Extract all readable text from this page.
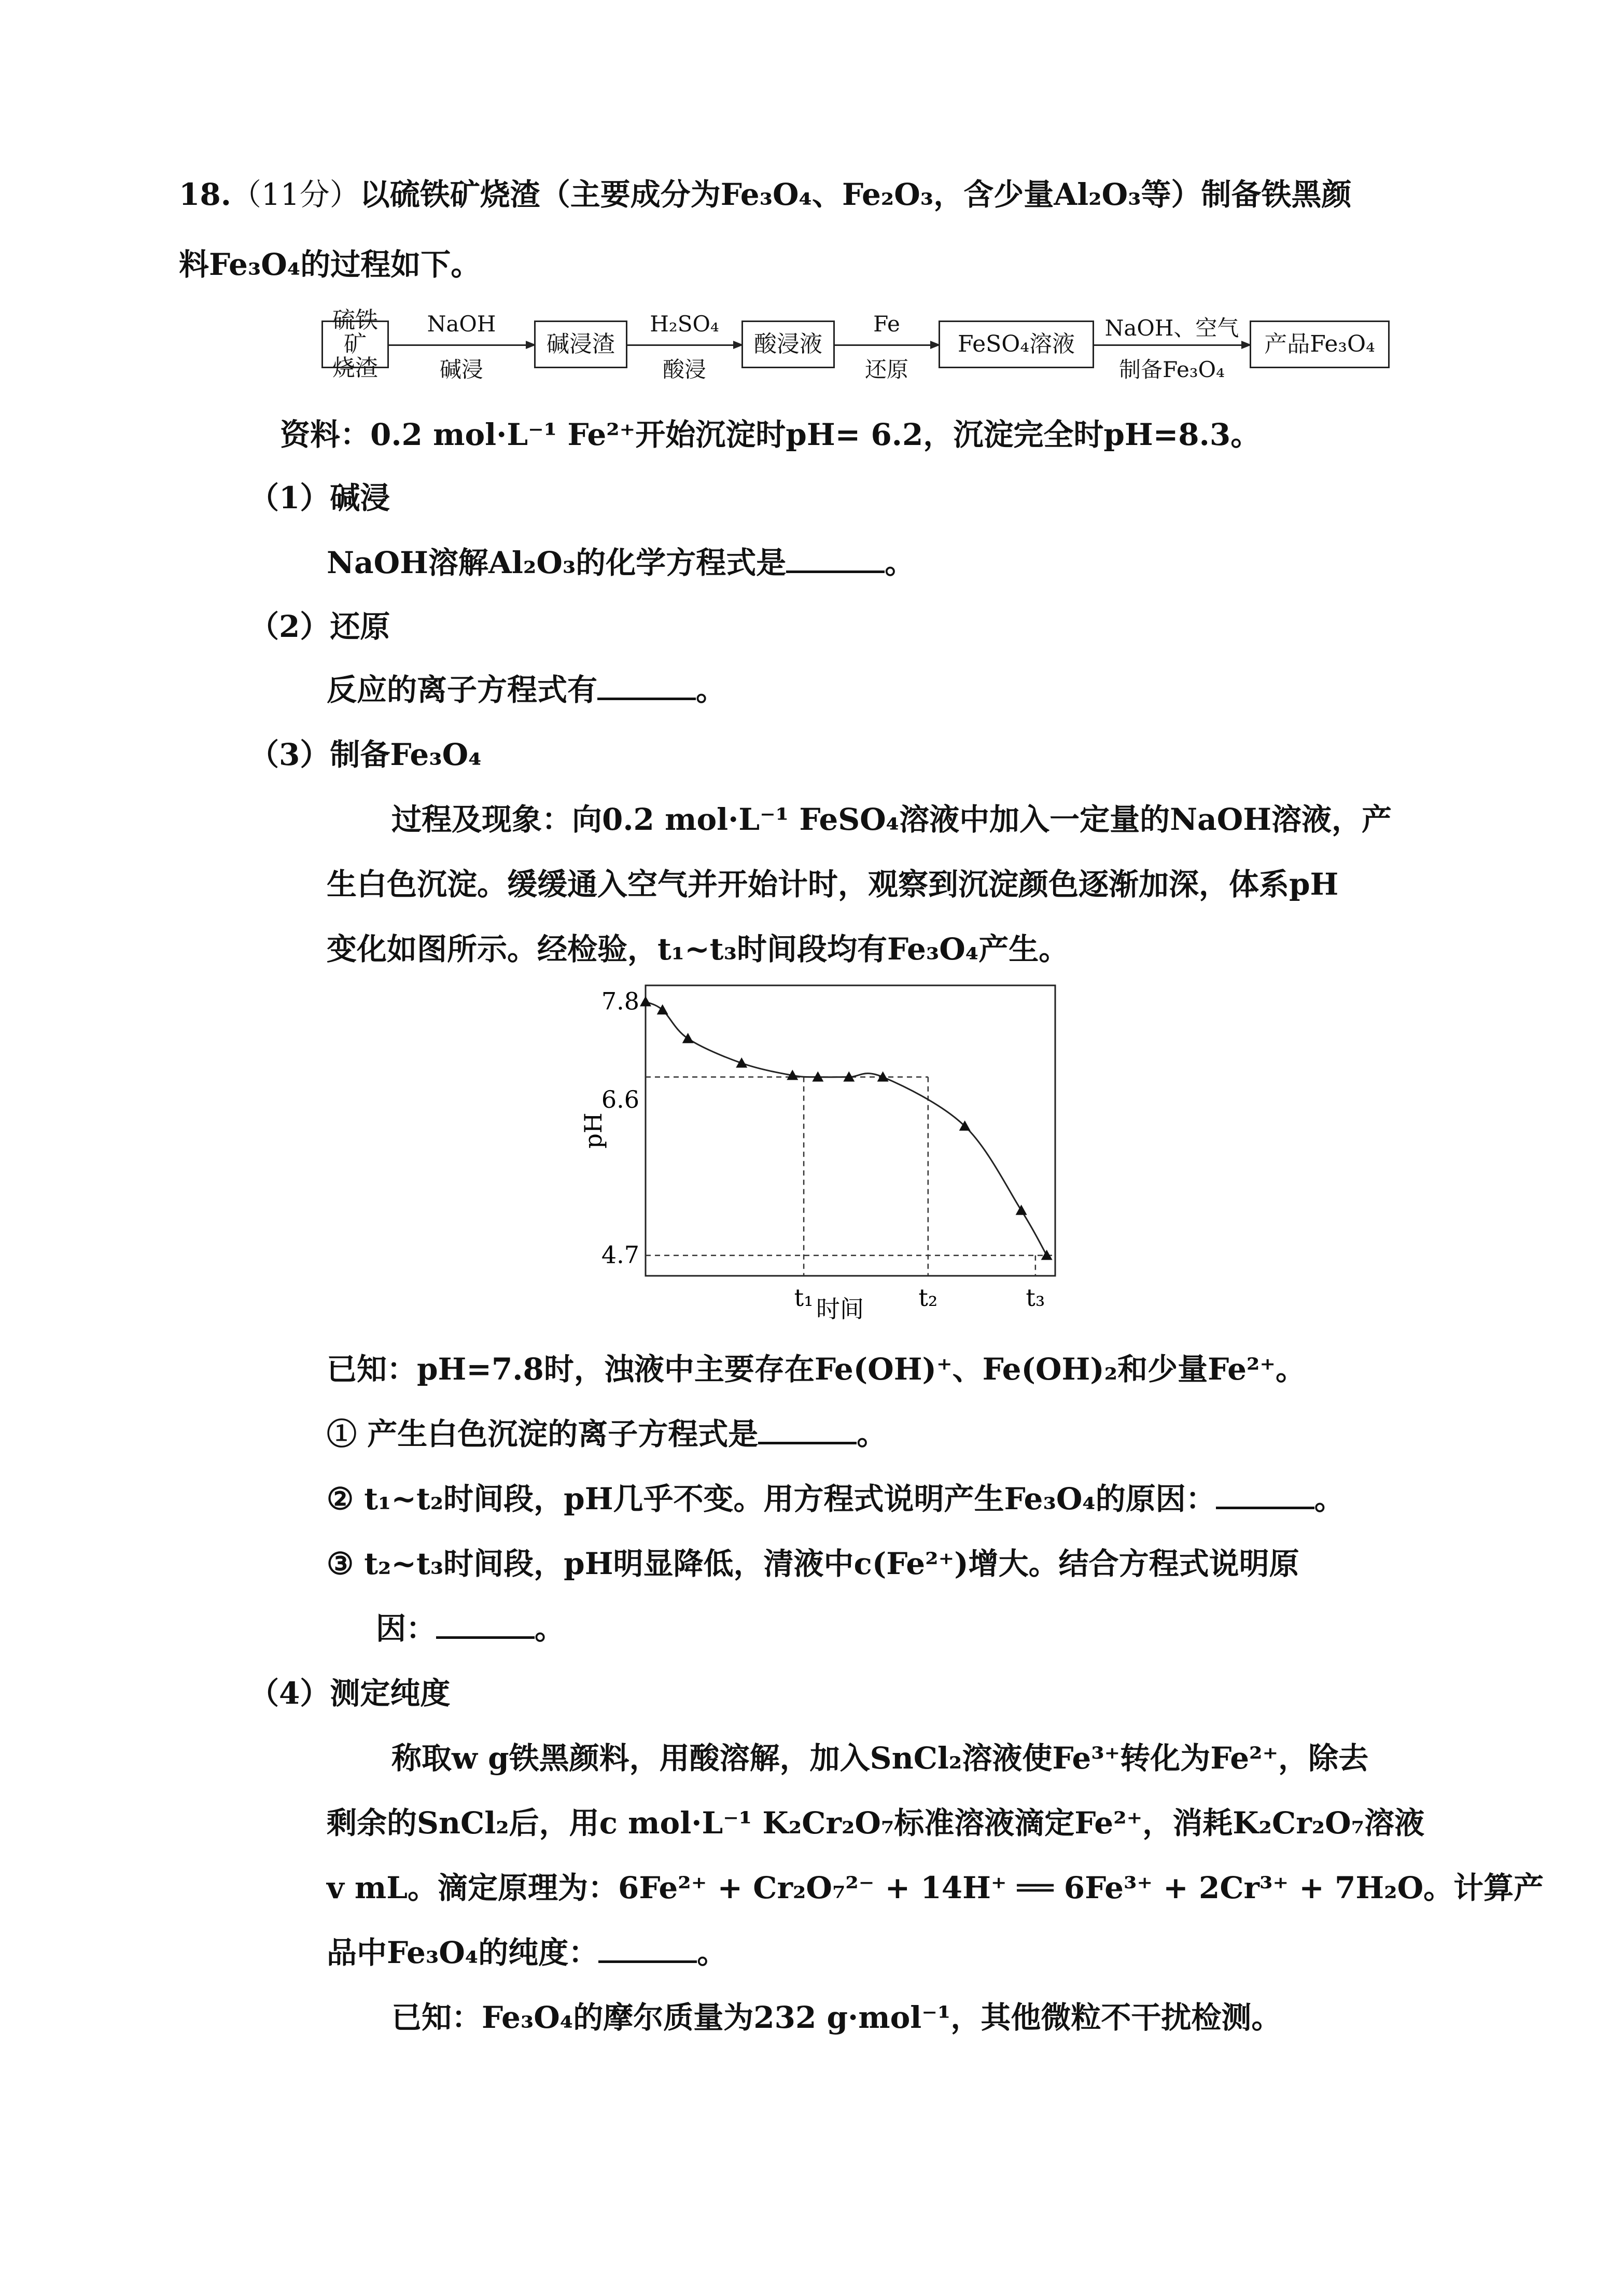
18.（11分）以硫铁矿烧渣（主要成分为Fe₃O₄、Fe₂O₃，含少量Al₂O₃等）制备铁黑颜
料Fe₃O₄的过程如下。
硫铁矿
烧渣
NaOH
碱浸
碱浸渣
H₂SO₄
酸浸
酸浸液
Fe
还原
FeSO₄溶液
NaOH、空气
制备Fe₃O₄
产品Fe₃O₄
资料：0.2 mol·L⁻¹ Fe²⁺开始沉淀时pH= 6.2，沉淀完全时pH=8.3。
（1）碱浸
NaOH溶解Al₂O₃的化学方程式是	。
（2）还原
反应的离子方程式有	。
（3）制备Fe₃O₄
过程及现象：向0.2 mol·L⁻¹ FeSO₄溶液中加入一定量的NaOH溶液，产
生白色沉淀。缓缓通入空气并开始计时，观察到沉淀颜色逐渐加深，体系pH
变化如图所示。经检验，t₁~t₃时间段均有Fe₃O₄产生。
7.8
6.6
4.7
t₁	t₂	t₃
pH
时间
已知：pH=7.8时，浊液中主要存在Fe(OH)⁺、Fe(OH)₂和少量Fe²⁺。
① 产生白色沉淀的离子方程式是	。
② t₁~t₂时间段，pH几乎不变。用方程式说明产生Fe₃O₄的原因：	。
③ t₂~t₃时间段，pH明显降低，清液中c(Fe²⁺)增大。结合方程式说明原
因：	。
（4）测定纯度
称取w g铁黑颜料，用酸溶解，加入SnCl₂溶液使Fe³⁺转化为Fe²⁺，除去
剩余的SnCl₂后，用c mol·L⁻¹ K₂Cr₂O₇标准溶液滴定Fe²⁺，消耗K₂Cr₂O₇溶液
v mL。滴定原理为：6Fe²⁺ + Cr₂O₇²⁻ + 14H⁺ ══ 6Fe³⁺ + 2Cr³⁺ + 7H₂O。计算产
品中Fe₃O₄的纯度：	。
已知：Fe₃O₄的摩尔质量为232 g·mol⁻¹，其他微粒不干扰检测。
